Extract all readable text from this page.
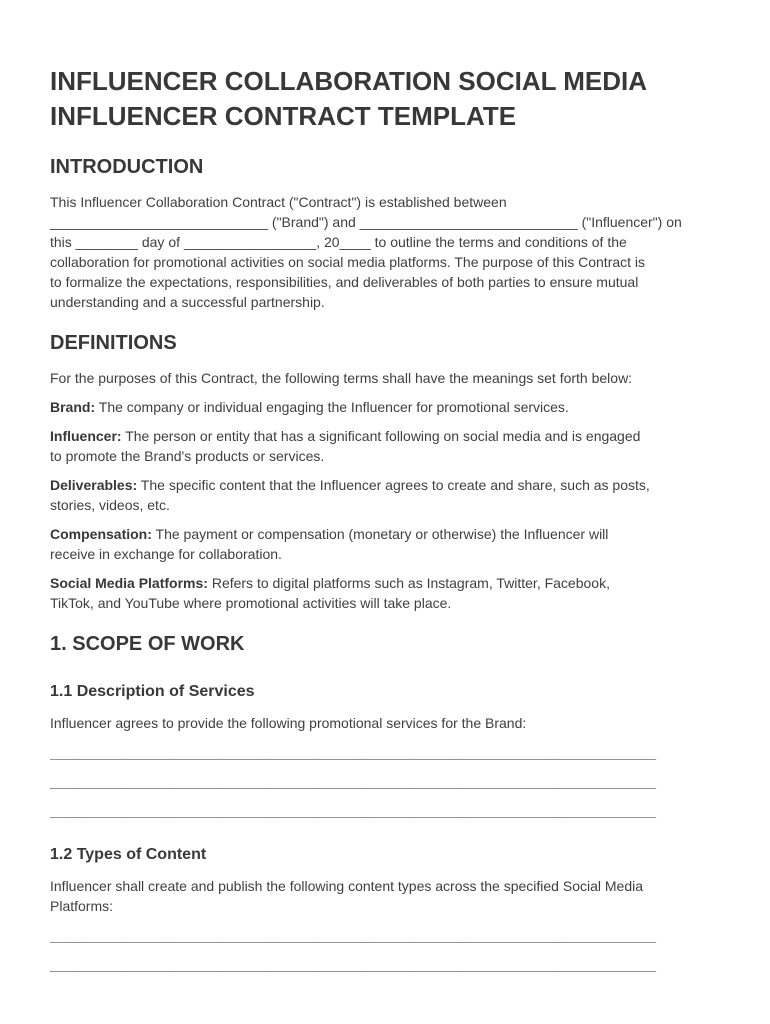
INFLUENCER COLLABORATION SOCIAL MEDIA INFLUENCER CONTRACT TEMPLATE
INTRODUCTION
This Influencer Collaboration Contract ("Contract") is established between
____________________________ ("Brand") and ____________________________ ("Influencer") on
this ________ day of _________________, 20____ to outline the terms and conditions of the
collaboration for promotional activities on social media platforms. The purpose of this Contract is
to formalize the expectations, responsibilities, and deliverables of both parties to ensure mutual
understanding and a successful partnership.
DEFINITIONS
For the purposes of this Contract, the following terms shall have the meanings set forth below:
Brand: The company or individual engaging the Influencer for promotional services.
Influencer: The person or entity that has a significant following on social media and is engaged
to promote the Brand's products or services.
Deliverables: The specific content that the Influencer agrees to create and share, such as posts,
stories, videos, etc.
Compensation: The payment or compensation (monetary or otherwise) the Influencer will
receive in exchange for collaboration.
Social Media Platforms: Refers to digital platforms such as Instagram, Twitter, Facebook,
TikTok, and YouTube where promotional activities will take place.
1. SCOPE OF WORK
1.1 Description of Services
Influencer agrees to provide the following promotional services for the Brand:
__________________________________________________________________________________
__________________________________________________________________________________
__________________________________________________________________________________
1.2 Types of Content
Influencer shall create and publish the following content types across the specified Social Media
Platforms:
__________________________________________________________________________________
__________________________________________________________________________________
